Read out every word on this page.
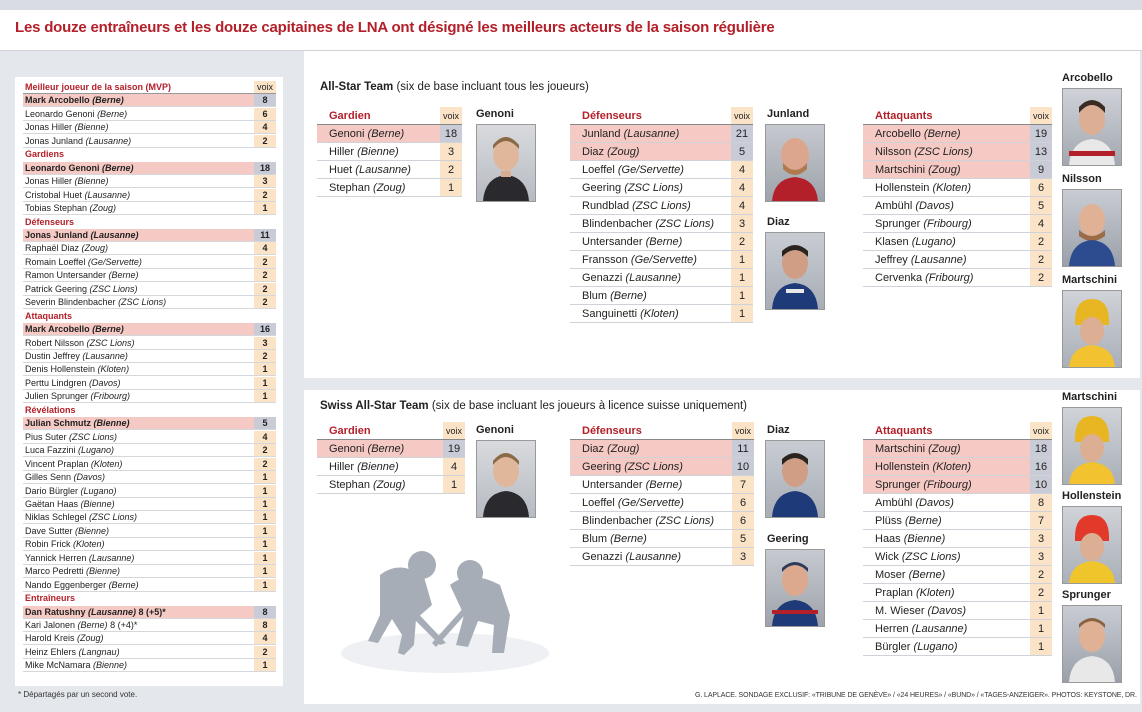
Les douze entraîneurs et les douze capitaines de LNA ont désigné les meilleurs acteurs de la saison régulière
Meilleur joueur de la saison (MVP)	voix
Mark Arcobello (Berne)	8
Leonardo Genoni (Berne)	6
Jonas Hiller (Bienne)	4
Jonas Junland (Lausanne)	2
Gardiens
Leonardo Genoni (Berne)	18
Jonas Hiller (Bienne)	3
Cristobal Huet (Lausanne)	2
Tobias Stephan (Zoug)	1
Défenseurs
Jonas Junland (Lausanne)	11
Raphaël Diaz (Zoug)	4
Romain Loeffel (Ge/Servette)	2
Ramon Untersander (Berne)	2
Patrick Geering (ZSC Lions)	2
Severin Blindenbacher (ZSC Lions)	2
Attaquants
Mark Arcobello (Berne)	16
Robert Nilsson (ZSC Lions)	3
Dustin Jeffrey (Lausanne)	2
Denis Hollenstein (Kloten)	1
Perttu Lindgren (Davos)	1
Julien Sprunger (Fribourg)	1
Révélations
Julian Schmutz (Bienne)	5
Pius Suter (ZSC Lions)	4
Luca Fazzini (Lugano)	2
Vincent Praplan (Kloten)	2
Gilles Senn (Davos)	1
Dario Bürgler (Lugano)	1
Gaëtan Haas (Bienne)	1
Niklas Schlegel (ZSC Lions)	1
Dave Sutter (Bienne)	1
Robin Frick (Kloten)	1
Yannick Herren (Lausanne)	1
Marco Pedretti (Bienne)	1
Nando Eggenberger (Berne)	1
Entraîneurs
Dan Ratushny (Lausanne) 8 (+5)*	8
Kari Jalonen (Berne) 8 (+4)*	8
Harold Kreis (Zoug)	4
Heinz Ehlers (Langnau)	2
Mike McNamara (Bienne)	1
* Départagés par un second vote.
All-Star Team (six de base incluant tous les joueurs)
Gardien	voix
Genoni (Berne)	18
Hiller (Bienne)	3
Huet (Lausanne)	2
Stephan (Zoug)	1
Défenseurs	voix
Junland (Lausanne)	21
Diaz (Zoug)	5
Loeffel (Ge/Servette)	4
Geering (ZSC Lions)	4
Rundblad (ZSC Lions)	4
Blindenbacher (ZSC Lions)	3
Untersander (Berne)	2
Fransson (Ge/Servette)	1
Genazzi (Lausanne)	1
Blum (Berne)	1
Sanguinetti (Kloten)	1
Attaquants	voix
Arcobello (Berne)	19
Nilsson (ZSC Lions)	13
Martschini (Zoug)	9
Hollenstein (Kloten)	6
Ambühl (Davos)	5
Sprunger (Fribourg)	4
Klasen (Lugano)	2
Jeffrey (Lausanne)	2
Cervenka (Fribourg)	2
Swiss All-Star Team (six de base incluant les joueurs à licence suisse uniquement)
Gardien	voix
Genoni (Berne)	19
Hiller (Bienne)	4
Stephan (Zoug)	1
Défenseurs	voix
Diaz (Zoug)	11
Geering (ZSC Lions)	10
Untersander (Berne)	7
Loeffel (Ge/Servette)	6
Blindenbacher (ZSC Lions)	6
Blum (Berne)	5
Genazzi (Lausanne)	3
Attaquants	voix
Martschini (Zoug)	18
Hollenstein (Kloten)	16
Sprunger (Fribourg)	10
Ambühl (Davos)	8
Plüss (Berne)	7
Haas (Bienne)	3
Wick (ZSC Lions)	3
Moser (Berne)	2
Praplan (Kloten)	2
M. Wieser (Davos)	1
Herren (Lausanne)	1
Bürgler (Lugano)	1
Genoni	Junland
Diaz
Arcobello
Nilsson
Martschini
Genoni	Diaz
Geering
Martschini
Hollenstein
Sprunger
G. LAPLACE. SONDAGE EXCLUSIF: «TRIBUNE DE GENÈVE» / «24 HEURES» / «BUND» / «TAGES-ANZEIGER». PHOTOS: KEYSTONE, DR.
